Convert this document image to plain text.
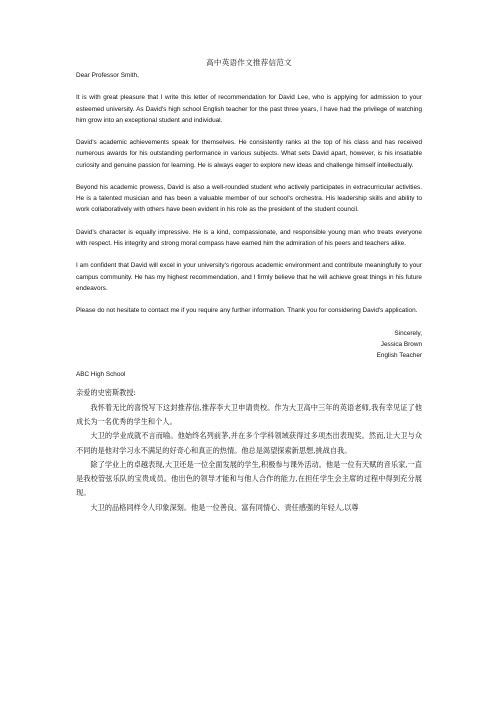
高中英语作文推荐信范文
Dear Professor Smith,

It is with great pleasure that I write this letter of recommendation for David Lee, who is applying for admission to your esteemed university. As David's high school English teacher for the past three years, I have had the privilege of watching him grow into an exceptional student and individual.

David's academic achievements speak for themselves. He consistently ranks at the top of his class and has received numerous awards for his outstanding performance in various subjects. What sets David apart, however, is his insatiable curiosity and genuine passion for learning. He is always eager to explore new ideas and challenge himself intellectually.

Beyond his academic prowess, David is also a well-rounded student who actively participates in extracurricular activities. He is a talented musician and has been a valuable member of our school's orchestra. His leadership skills and ability to work collaboratively with others have been evident in his role as the president of the student council.

David's character is equally impressive. He is a kind, compassionate, and responsible young man who treats everyone with respect. His integrity and strong moral compass have earned him the admiration of his peers and teachers alike.

I am confident that David will excel in your university's rigorous academic environment and contribute meaningfully to your campus community. He has my highest recommendation, and I firmly believe that he will achieve great things in his future endeavors.

Please do not hesitate to contact me if you require any further information. Thank you for considering David's application.

Sincerely,
Jessica Brown
English Teacher
ABC High School
亲爱的史密斯教授:

我怀着无比的喜悦写下这封推荐信,推荐李大卫申请贵校。作为大卫高中三年的英语老师,我有幸见证了他成长为一名优秀的学生和个人。

大卫的学业成就不言而喻。他始终名列前茅,并在多个学科领域获得过多项杰出表现奖。然而,让大卫与众不同的是他对学习永不满足的好奇心和真正的热情。他总是渴望探索新思想,挑战自我。

除了学业上的卓越表现,大卫还是一位全面发展的学生,积极参与课外活动。他是一位有天赋的音乐家,一直是我校管弦乐队的宝贵成员。他出色的领导才能和与他人合作的能力,在担任学生会主席的过程中得到充分展现。

大卫的品格同样令人印象深刻。他是一位善良、富有同情心、责任感强的年轻人,以尊
